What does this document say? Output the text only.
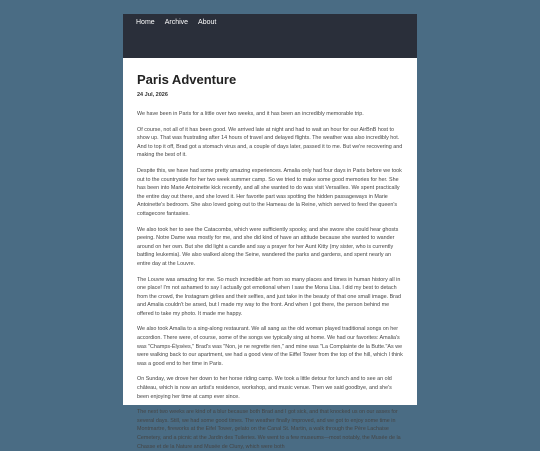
Home Archive About
Paris Adventure
24 Jul, 2026

We have been in Paris for a little over two weeks, and it has been an incredibly memorable trip.

Of course, not all of it has been good. We arrived late at night and had to wait an hour for our AirBnB host to show up. That was frustrating after 14 hours of travel and delayed flights. The weather was also incredibly hot. And to top it off, Brad got a stomach virus and, a couple of days later, passed it to me. But we're recovering and making the best of it.

Despite this, we have had some pretty amazing experiences. Amalia only had four days in Paris before we took out to the countryside for her two week summer camp. So we tried to make some good memories for her. She has been into Marie Antoinette kick recently, and all she wanted to do was visit Versailles. We spent practically the entire day out there, and she loved it. Her favorite part was spotting the hidden passageways in Marie Antoinette's bedroom. She also loved going out to the Hameau de la Reine, which served to feed the queen's cottagecore fantasies.

We also took her to see the Catacombs, which were sufficiently spooky, and she swore she could hear ghosts peeing. Notre Dame was mostly for me, and she did kind of have an attitude because she wanted to wander around on her own. But she did light a candle and say a prayer for her Aunt Kitty (my sister, who is currently battling leukemia). We also walked along the Seine, wandered the parks and gardens, and spent nearly an entire day at the Louvre.

The Louvre was amazing for me. So much incredible art from so many places and times in human history all in one place! I'm not ashamed to say I actually got emotional when I saw the Mona Lisa. I did my best to detach from the crowd, the Instagram girlies and their selfies, and just take in the beauty of that one small image. Brad and Amalia couldn't be arsed, but I made my way to the front. And when I got there, the person behind me offered to take my photo. It made me happy.

We also took Amalia to a sing-along restaurant. We all sang as the old woman played traditional songs on her accordion. There were, of course, some of the songs we typically sing at home. We had our favorites: Amalia's was "Champs-Élysées," Brad's was "Non, je ne regrette rien," and mine was "La Complainte de la Butte."As we were walking back to our apartment, we had a good view of the Eiffel Tower from the top of the hill, which I think was a good end to her time in Paris.

On Sunday, we drove her down to her horse riding camp. We took a little detour for lunch and to see an old château, which is now an artist's residence, workshop, and music venue. Then we said goodbye, and she's been enjoying her time at camp ever since.

The next two weeks are kind of a blur because both Brad and I got sick, and that knocked us on our asses for several days. Still, we had some good times. The weather finally improved, and we got to enjoy some time in Montmartre, fireworks at the Eifel Tower, gelato on the Canal St. Martin, a walk through the Père Lachaise Cemetery, and a picnic at the Jardin des Tuileries. We went to a few museums—most notably, the Musée de la Chasse et de la Nature and Musée de Cluny, which were both
